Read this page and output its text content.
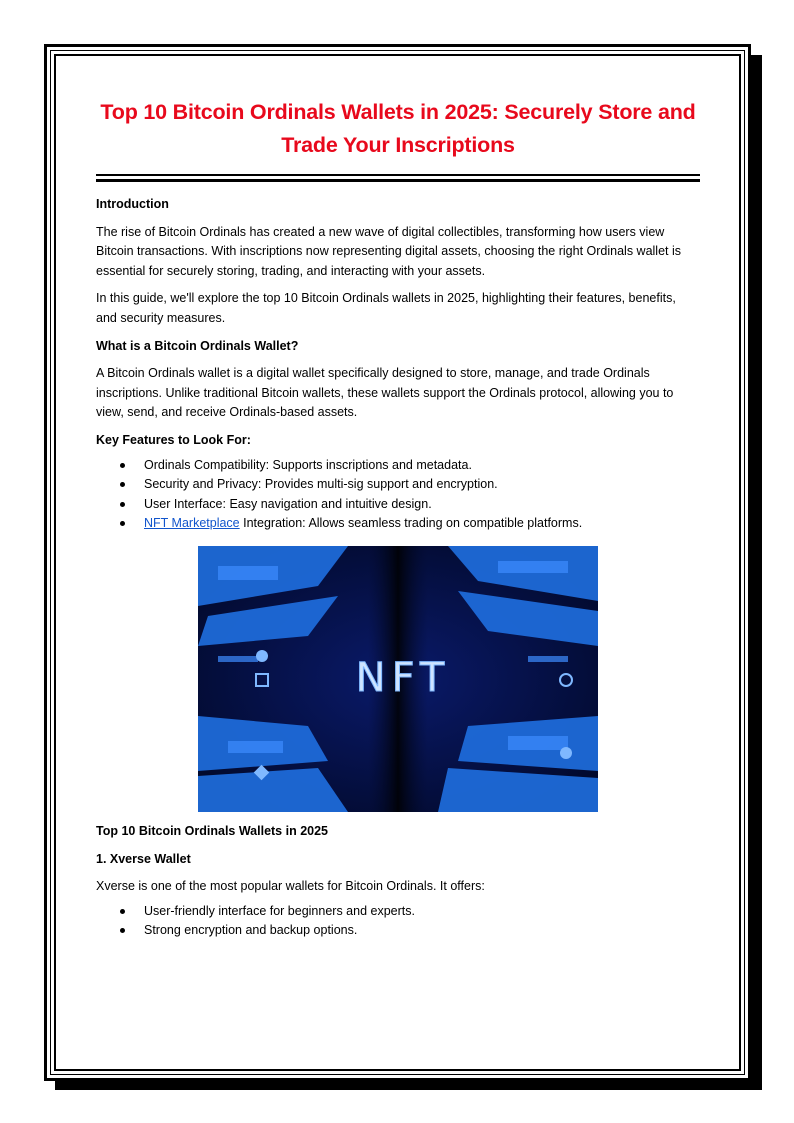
Top 10 Bitcoin Ordinals Wallets in 2025: Securely Store and Trade Your Inscriptions

Introduction

The rise of Bitcoin Ordinals has created a new wave of digital collectibles, transforming how users view Bitcoin transactions. With inscriptions now representing digital assets, choosing the right Ordinals wallet is essential for securely storing, trading, and interacting with your assets.

In this guide, we'll explore the top 10 Bitcoin Ordinals wallets in 2025, highlighting their features, benefits, and security measures.

What is a Bitcoin Ordinals Wallet?

A Bitcoin Ordinals wallet is a digital wallet specifically designed to store, manage, and trade Ordinals inscriptions. Unlike traditional Bitcoin wallets, these wallets support the Ordinals protocol, allowing you to view, send, and receive Ordinals-based assets.

Key Features to Look For:

Ordinals Compatibility: Supports inscriptions and metadata.
Security and Privacy: Provides multi-sig support and encryption.
User Interface: Easy navigation and intuitive design.
NFT Marketplace Integration: Allows seamless trading on compatible platforms.
NFT

Top 10 Bitcoin Ordinals Wallets in 2025

1. Xverse Wallet

Xverse is one of the most popular wallets for Bitcoin Ordinals. It offers:

User-friendly interface for beginners and experts.
Strong encryption and backup options.
